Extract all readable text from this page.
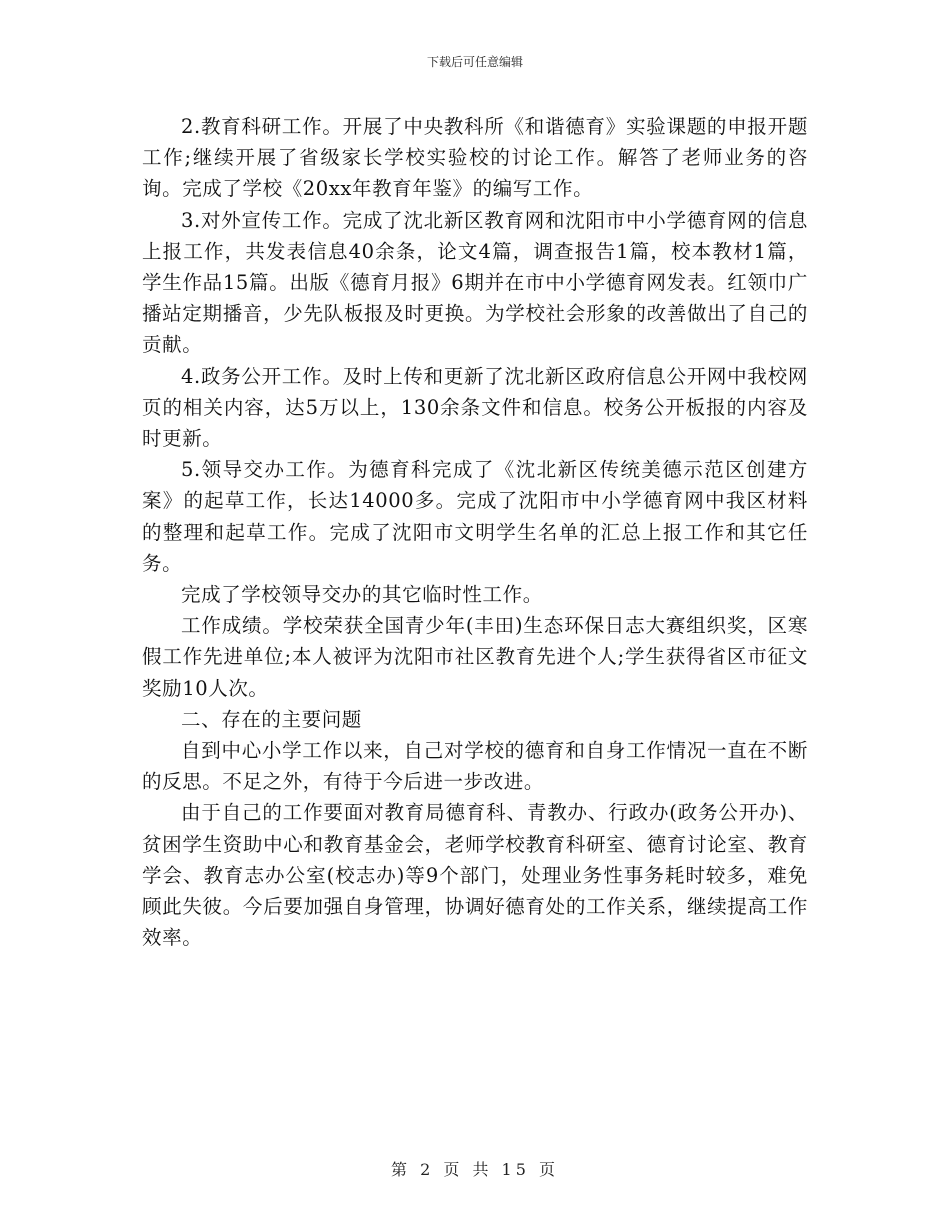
下载后可任意编辑

2.教育科研工作。开展了中央教科所《和谐德育》实验课题的申报开题工作;继续开展了省级家长学校实验校的讨论工作。解答了老师业务的咨询。完成了学校《20xx年教育年鉴》的编写工作。

3.对外宣传工作。完成了沈北新区教育网和沈阳市中小学德育网的信息上报工作，共发表信息40余条，论文4篇，调查报告1篇，校本教材1篇，学生作品15篇。出版《德育月报》6期并在市中小学德育网发表。红领巾广播站定期播音，少先队板报及时更换。为学校社会形象的改善做出了自己的贡献。

4.政务公开工作。及时上传和更新了沈北新区政府信息公开网中我校网页的相关内容，达5万以上，130余条文件和信息。校务公开板报的内容及时更新。

5.领导交办工作。为德育科完成了《沈北新区传统美德示范区创建方案》的起草工作，长达14000多。完成了沈阳市中小学德育网中我区材料的整理和起草工作。完成了沈阳市文明学生名单的汇总上报工作和其它任务。

完成了学校领导交办的其它临时性工作。

工作成绩。学校荣获全国青少年(丰田)生态环保日志大赛组织奖，区寒假工作先进单位;本人被评为沈阳市社区教育先进个人;学生获得省区市征文奖励10人次。

二、存在的主要问题

自到中心小学工作以来，自己对学校的德育和自身工作情况一直在不断的反思。不足之外，有待于今后进一步改进。

由于自己的工作要面对教育局德育科、青教办、行政办(政务公开办)、贫困学生资助中心和教育基金会，老师学校教育科研室、德育讨论室、教育学会、教育志办公室(校志办)等9个部门，处理业务性事务耗时较多，难免顾此失彼。今后要加强自身管理，协调好德育处的工作关系，继续提高工作效率。

第 2 页 共 15 页
